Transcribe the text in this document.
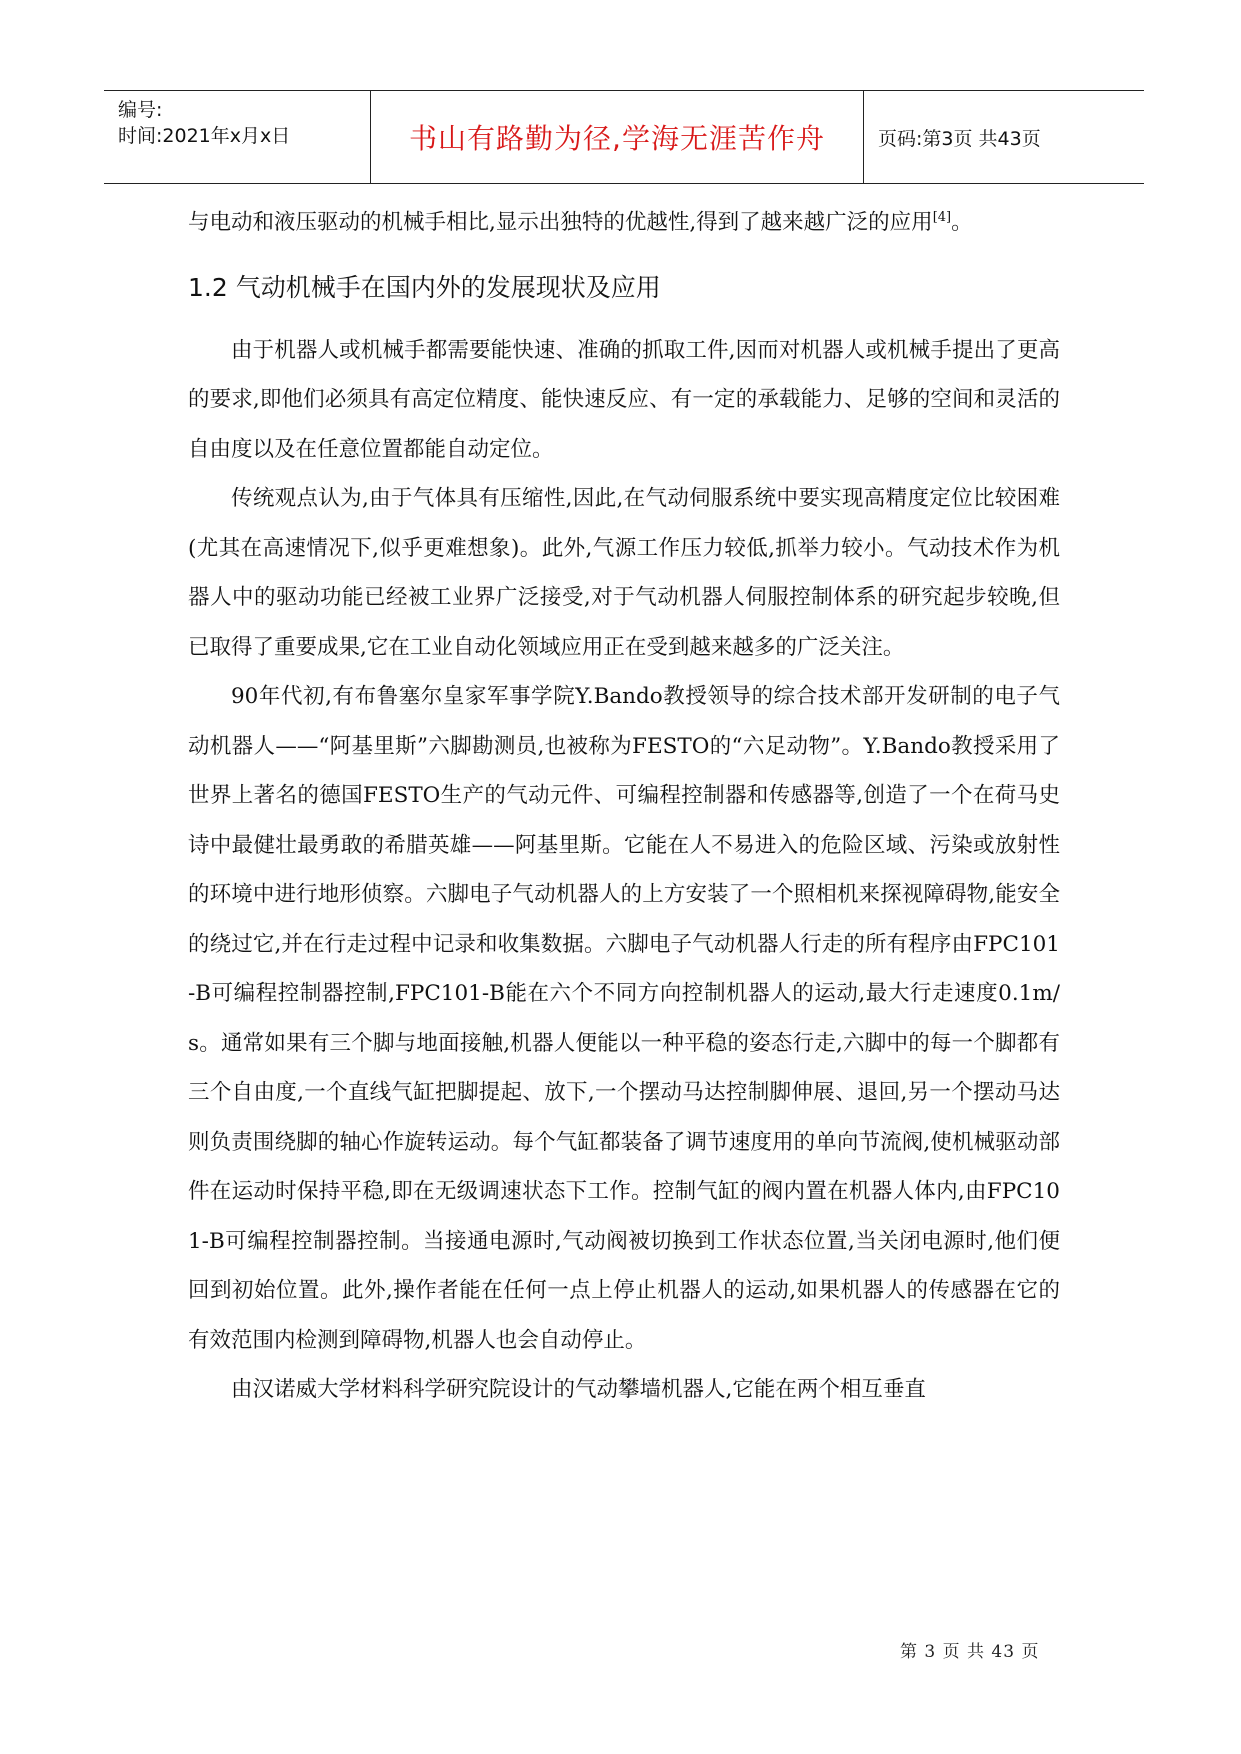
编号:
时间:2021年x月x日	书山有路勤为径,学海无涯苦作舟	页码:第3页 共43页

与电动和液压驱动的机械手相比,显示出独特的优越性,得到了越来越广泛的应用[4]。

1.2 气动机械手在国内外的发展现状及应用

由于机器人或机械手都需要能快速、准确的抓取工件,因而对机器人或机械手提出了更高的要求,即他们必须具有高定位精度、能快速反应、有一定的承载能力、足够的空间和灵活的自由度以及在任意位置都能自动定位。

传统观点认为,由于气体具有压缩性,因此,在气动伺服系统中要实现高精度定位比较困难(尤其在高速情况下,似乎更难想象)。此外,气源工作压力较低,抓举力较小。气动技术作为机器人中的驱动功能已经被工业界广泛接受,对于气动机器人伺服控制体系的研究起步较晚,但已取得了重要成果,它在工业自动化领域应用正在受到越来越多的广泛关注。

90年代初,有布鲁塞尔皇家军事学院Y.Bando教授领导的综合技术部开发研制的电子气动机器人——“阿基里斯”六脚勘测员,也被称为FESTO的“六足动物”。Y.Bando教授采用了世界上著名的德国FESTO生产的气动元件、可编程控制器和传感器等,创造了一个在荷马史诗中最健壮最勇敢的希腊英雄——阿基里斯。它能在人不易进入的危险区域、污染或放射性的环境中进行地形侦察。六脚电子气动机器人的上方安装了一个照相机来探视障碍物,能安全的绕过它,并在行走过程中记录和收集数据。六脚电子气动机器人行走的所有程序由FPC101-B可编程控制器控制,FPC101-B能在六个不同方向控制机器人的运动,最大行走速度0.1m/s。通常如果有三个脚与地面接触,机器人便能以一种平稳的姿态行走,六脚中的每一个脚都有三个自由度,一个直线气缸把脚提起、放下,一个摆动马达控制脚伸展、退回,另一个摆动马达则负责围绕脚的轴心作旋转运动。每个气缸都装备了调节速度用的单向节流阀,使机械驱动部件在运动时保持平稳,即在无级调速状态下工作。控制气缸的阀内置在机器人体内,由FPC101-B可编程控制器控制。当接通电源时,气动阀被切换到工作状态位置,当关闭电源时,他们便回到初始位置。此外,操作者能在任何一点上停止机器人的运动,如果机器人的传感器在它的有效范围内检测到障碍物,机器人也会自动停止。

由汉诺威大学材料科学研究院设计的气动攀墙机器人,它能在两个相互垂直

第 3 页 共 43 页
